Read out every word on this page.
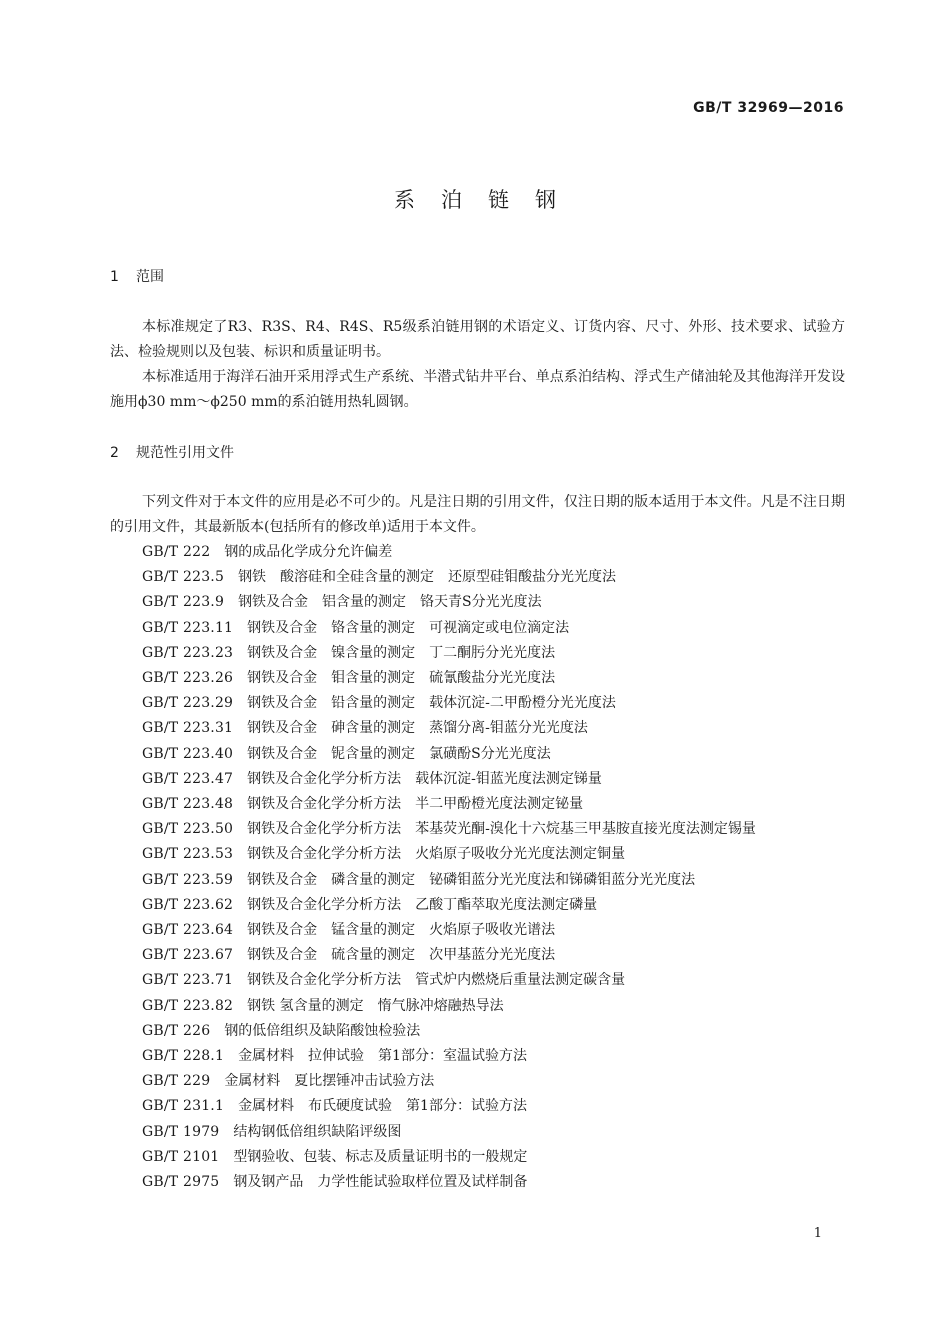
GB/T 32969—2016
系泊链钢
1 范围
本标准规定了R3、R3S、R4、R4S、R5级系泊链用钢的术语定义、订货内容、尺寸、外形、技术要求、试验方法、检验规则以及包装、标识和质量证明书。
本标准适用于海洋石油开采用浮式生产系统、半潜式钻井平台、单点系泊结构、浮式生产储油轮及其他海洋开发设施用ϕ30 mm～ϕ250 mm的系泊链用热轧圆钢。
2 规范性引用文件
下列文件对于本文件的应用是必不可少的。凡是注日期的引用文件，仅注日期的版本适用于本文件。凡是不注日期的引用文件，其最新版本(包括所有的修改单)适用于本文件。
GB/T 222 钢的成品化学成分允许偏差
GB/T 223.5 钢铁　酸溶硅和全硅含量的测定　还原型硅钼酸盐分光光度法
GB/T 223.9 钢铁及合金　铝含量的测定　铬天青S分光光度法
GB/T 223.11 钢铁及合金　铬含量的测定　可视滴定或电位滴定法
GB/T 223.23 钢铁及合金　镍含量的测定　丁二酮肟分光光度法
GB/T 223.26 钢铁及合金　钼含量的测定　硫氰酸盐分光光度法
GB/T 223.29 钢铁及合金　铅含量的测定　载体沉淀-二甲酚橙分光光度法
GB/T 223.31 钢铁及合金　砷含量的测定　蒸馏分离-钼蓝分光光度法
GB/T 223.40 钢铁及合金　铌含量的测定　氯磺酚S分光光度法
GB/T 223.47 钢铁及合金化学分析方法　载体沉淀-钼蓝光度法测定锑量
GB/T 223.48 钢铁及合金化学分析方法　半二甲酚橙光度法测定铋量
GB/T 223.50 钢铁及合金化学分析方法　苯基荧光酮-溴化十六烷基三甲基胺直接光度法测定锡量
GB/T 223.53 钢铁及合金化学分析方法　火焰原子吸收分光光度法测定铜量
GB/T 223.59 钢铁及合金　磷含量的测定　铋磷钼蓝分光光度法和锑磷钼蓝分光光度法
GB/T 223.62 钢铁及合金化学分析方法　乙酸丁酯萃取光度法测定磷量
GB/T 223.64 钢铁及合金　锰含量的测定　火焰原子吸收光谱法
GB/T 223.67 钢铁及合金　硫含量的测定　次甲基蓝分光光度法
GB/T 223.71 钢铁及合金化学分析方法　管式炉内燃烧后重量法测定碳含量
GB/T 223.82 钢铁 氢含量的测定　惰气脉冲熔融热导法
GB/T 226 钢的低倍组织及缺陷酸蚀检验法
GB/T 228.1 金属材料　拉伸试验　第1部分：室温试验方法
GB/T 229 金属材料　夏比摆锤冲击试验方法
GB/T 231.1 金属材料　布氏硬度试验　第1部分：试验方法
GB/T 1979 结构钢低倍组织缺陷评级图
GB/T 2101 型钢验收、包装、标志及质量证明书的一般规定
GB/T 2975 钢及钢产品　力学性能试验取样位置及试样制备
1
